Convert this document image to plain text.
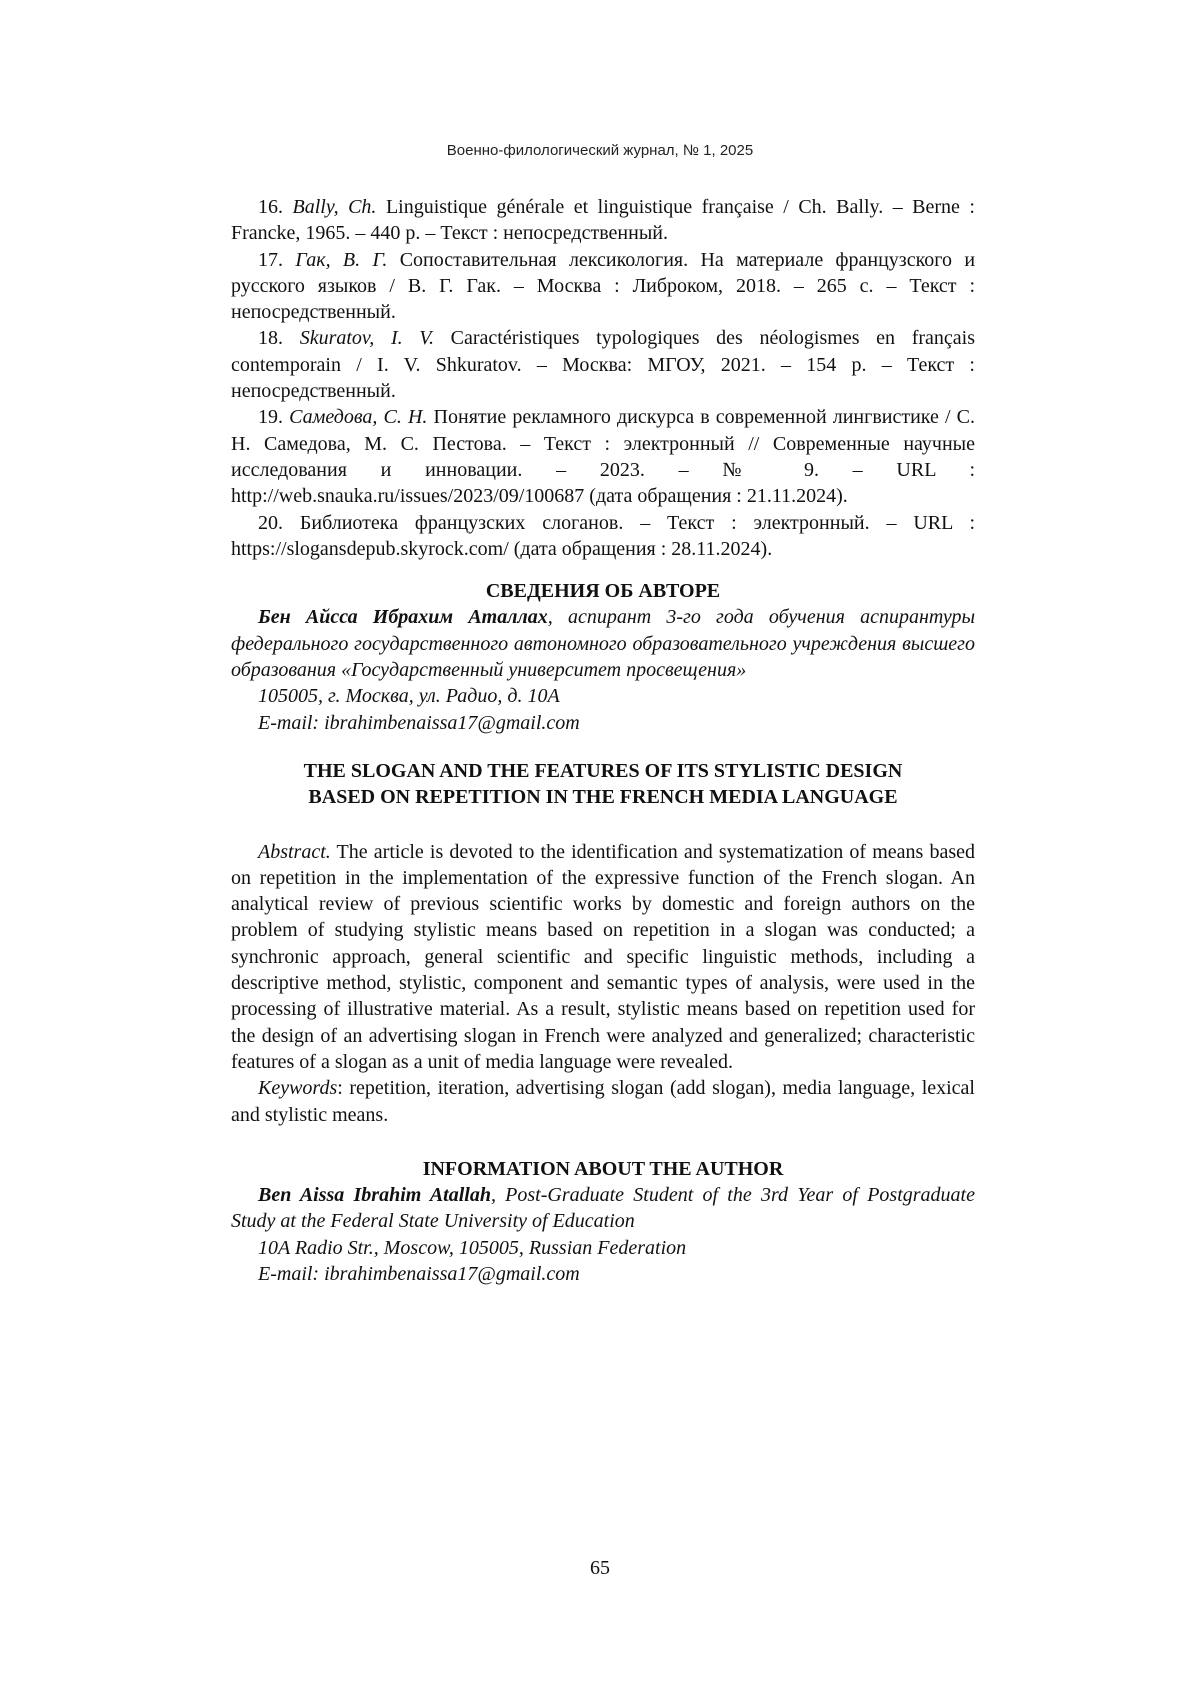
Военно-филологический журнал, № 1, 2025

16. Bally, Ch. Linguistique générale et linguistique française / Ch. Bally. – Berne : Francke, 1965. – 440 p. – Текст : непосредственный.

17. Гак, В. Г. Сопоставительная лексикология. На материале французского и русского языков / В. Г. Гак. – Москва : Либроком, 2018. – 265 с. – Текст : непосредственный.

18. Skuratov, I. V. Caractéristiques typologiques des néologismes en français contemporain / I. V. Shkuratov. – Москва: МГОУ, 2021. – 154 p. – Текст : непосредственный.

19. Самедова, С. Н. Понятие рекламного дискурса в современной лингвистике / С. Н. Самедова, М. С. Пестова. – Текст : электронный // Современные научные исследования и инновации. – 2023. – № 9. – URL : http://web.snauka.ru/issues/2023/09/100687 (дата обращения : 21.11.2024).

20. Библиотека французских слоганов. – Текст : электронный. – URL : https://slogansdepub.skyrock.com/ (дата обращения : 28.11.2024).

СВЕДЕНИЯ ОБ АВТОРЕ

Бен Айсса Ибрахим Аталлах, аспирант 3-го года обучения аспирантуры федерального государственного автономного образовательного учреждения высшего образования «Государственный университет просвещения»

105005, г. Москва, ул. Радио, д. 10А

E-mail: ibrahimbenaissa17@gmail.com

THE SLOGAN AND THE FEATURES OF ITS STYLISTIC DESIGN

BASED ON REPETITION IN THE FRENCH MEDIA LANGUAGE

Abstract. The article is devoted to the identification and systematization of means based on repetition in the implementation of the expressive function of the French slogan. An analytical review of previous scientific works by domestic and foreign authors on the problem of studying stylistic means based on repetition in a slogan was conducted; a synchronic approach, general scientific and specific linguistic methods, including a descriptive method, stylistic, component and semantic types of analysis, were used in the processing of illustrative material. As a result, stylistic means based on repetition used for the design of an advertising slogan in French were analyzed and generalized; characteristic features of a slogan as a unit of media language were revealed.

Keywords: repetition, iteration, advertising slogan (add slogan), media language, lexical and stylistic means.

INFORMATION ABOUT THE AUTHOR

Ben Aissa Ibrahim Atallah, Post-Graduate Student of the 3rd Year of Postgraduate Study at the Federal State University of Education

10A Radio Str., Moscow, 105005, Russian Federation

E-mail: ibrahimbenaissa17@gmail.com

65
